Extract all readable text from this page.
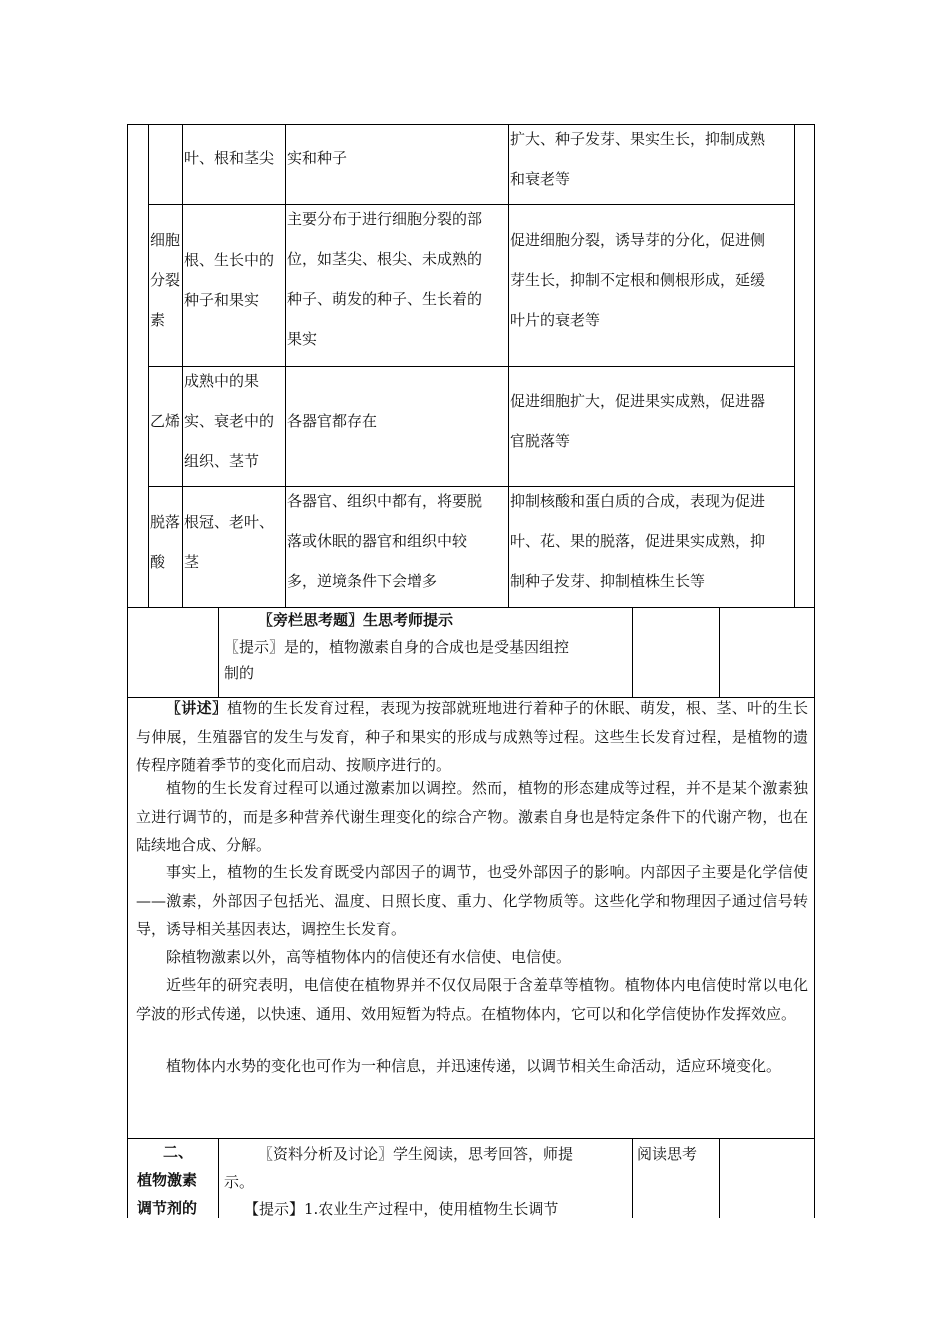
叶、根和茎尖 实和种子
扩大、种子发芽、果实生长，抑制成熟
和衰老等
细胞
分裂
素
根、生长中的
种子和果实
主要分布于进行细胞分裂的部
位，如茎尖、根尖、未成熟的
种子、萌发的种子、生长着的
果实
促进细胞分裂，诱导芽的分化，促进侧
芽生长，抑制不定根和侧根形成，延缓
叶片的衰老等
乙烯
成熟中的果
实、衰老中的
组织、茎节
各器官都存在
促进细胞扩大，促进果实成熟，促进器
官脱落等
脱落
酸
根冠、老叶、
茎
各器官、组织中都有，将要脱
落或休眠的器官和组织中较
多，逆境条件下会增多
抑制核酸和蛋白质的合成，表现为促进
叶、花、果的脱落，促进果实成熟，抑
制种子发芽、抑制植株生长等
〖旁栏思考题〗生思考师提示
〖提示〗是的，植物激素自身的合成也是受基因组控
制的
〖讲述〗植物的生长发育过程，表现为按部就班地进行着种子的休眠、萌发，根、茎、叶的生长与伸展，生殖器官的发生与发育，种子和果实的形成与成熟等过程。这些生长发育过程，是植物的遗传程序随着季节的变化而启动、按顺序进行的。
植物的生长发育过程可以通过激素加以调控。然而，植物的形态建成等过程，并不是某个激素独立进行调节的，而是多种营养代谢生理变化的综合产物。激素自身也是特定条件下的代谢产物，也在陆续地合成、分解。
事实上，植物的生长发育既受内部因子的调节，也受外部因子的影响。内部因子主要是化学信使——激素，外部因子包括光、温度、日照长度、重力、化学物质等。这些化学和物理因子通过信号转导，诱导相关基因表达，调控生长发育。
除植物激素以外，高等植物体内的信使还有水信使、电信使。
近些年的研究表明，电信使在植物界并不仅仅局限于含羞草等植物。植物体内电信使时常以电化学波的形式传递，以快速、通用、效用短暂为特点。在植物体内，它可以和化学信使协作发挥效应。
植物体内水势的变化也可作为一种信息，并迅速传递，以调节相关生命活动，适应环境变化。
二、
植物激素
调节剂的
〖资料分析及讨论〗学生阅读，思考回答，师提
示。
【提示】1.农业生产过程中，使用植物生长调节
阅读思考
